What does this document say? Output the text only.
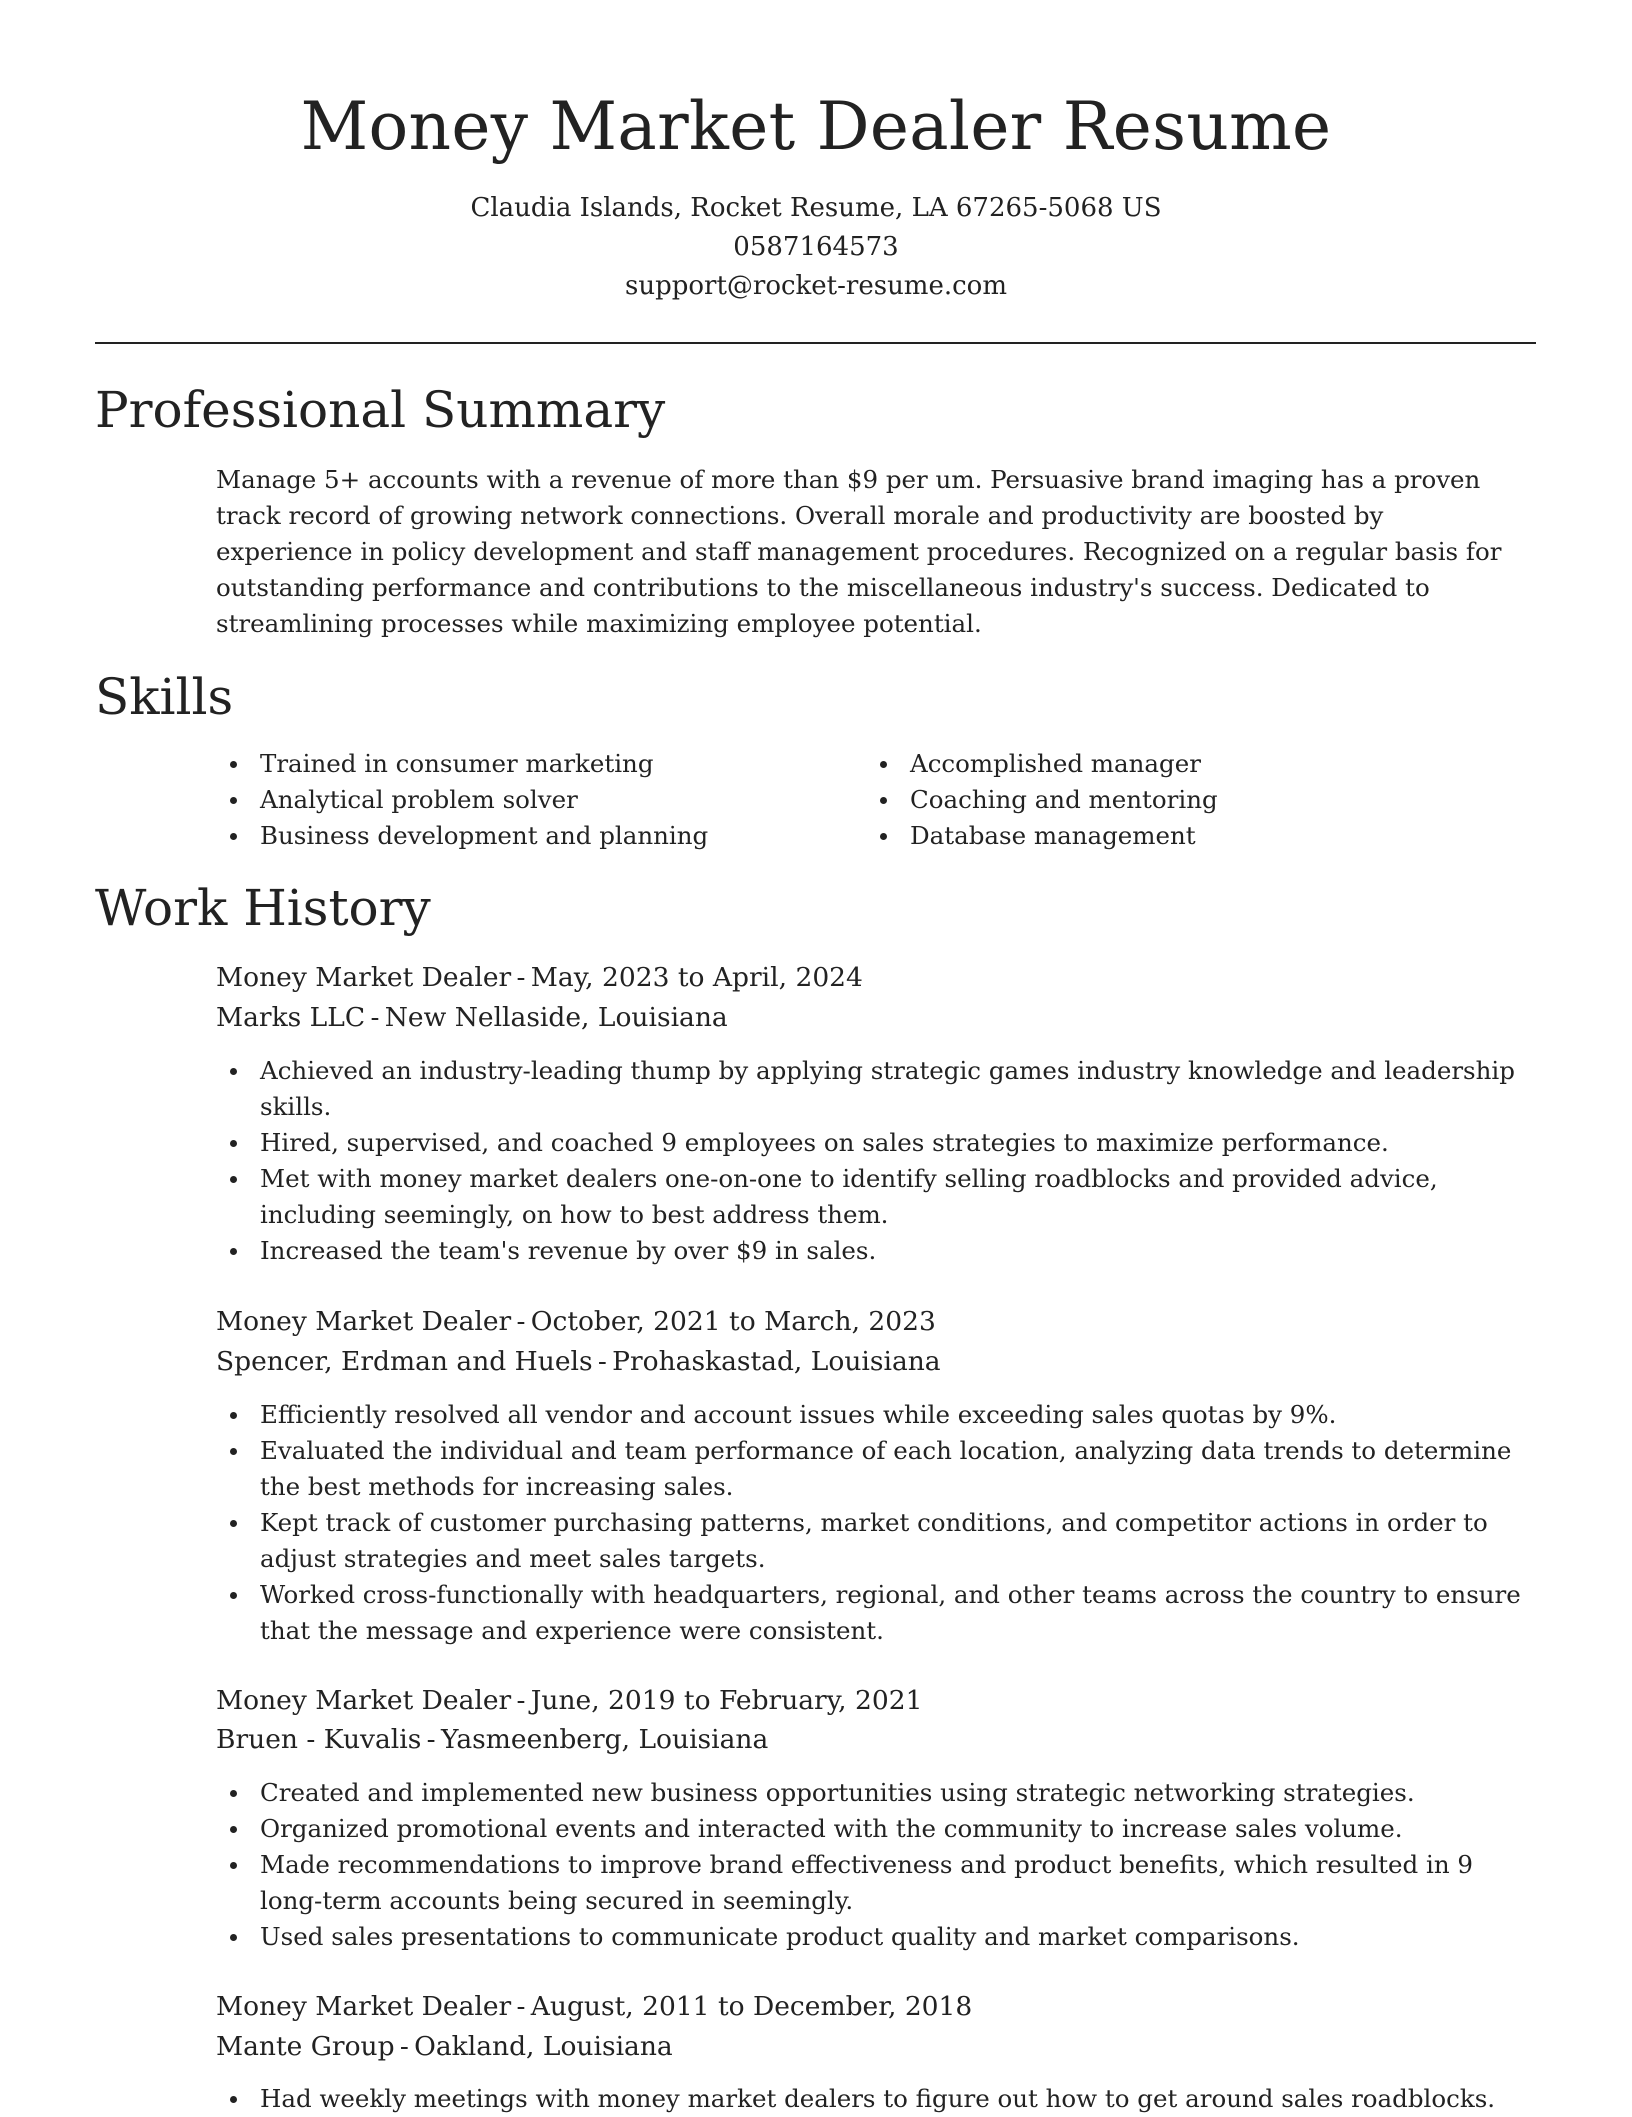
Money Market Dealer Resume
Claudia Islands, Rocket Resume, LA 67265-5068 US
0587164573
support@rocket-resume.com
Professional Summary

Manage 5+ accounts with a revenue of more than $9 per um. Persuasive brand imaging has a proven track record of growing network connections. Overall morale and productivity are boosted by experience in policy development and staff management procedures. Recognized on a regular basis for outstanding performance and contributions to the miscellaneous industry's success. Dedicated to streamlining processes while maximizing employee potential.

Skills
Trained in consumer marketing
Analytical problem solver
Business development and planning
Accomplished manager
Coaching and mentoring
Database management
Work History
Money Market Dealer - May, 2023 to April, 2024
Marks LLC - New Nellaside, Louisiana
Achieved an industry-leading thump by applying strategic games industry knowledge and leadership skills.
Hired, supervised, and coached 9 employees on sales strategies to maximize performance.
Met with money market dealers one-on-one to identify selling roadblocks and provided advice, including seemingly, on how to best address them.
Increased the team's revenue by over $9 in sales.
Money Market Dealer - October, 2021 to March, 2023
Spencer, Erdman and Huels - Prohaskastad, Louisiana
Efficiently resolved all vendor and account issues while exceeding sales quotas by 9%.
Evaluated the individual and team performance of each location, analyzing data trends to determine the best methods for increasing sales.
Kept track of customer purchasing patterns, market conditions, and competitor actions in order to adjust strategies and meet sales targets.
Worked cross-functionally with headquarters, regional, and other teams across the country to ensure that the message and experience were consistent.
Money Market Dealer - June, 2019 to February, 2021
Bruen - Kuvalis - Yasmeenberg, Louisiana
Created and implemented new business opportunities using strategic networking strategies.
Organized promotional events and interacted with the community to increase sales volume.
Made recommendations to improve brand effectiveness and product benefits, which resulted in 9 long-term accounts being secured in seemingly.
Used sales presentations to communicate product quality and market comparisons.
Money Market Dealer - August, 2011 to December, 2018
Mante Group - Oakland, Louisiana
Had weekly meetings with money market dealers to figure out how to get around sales roadblocks.
